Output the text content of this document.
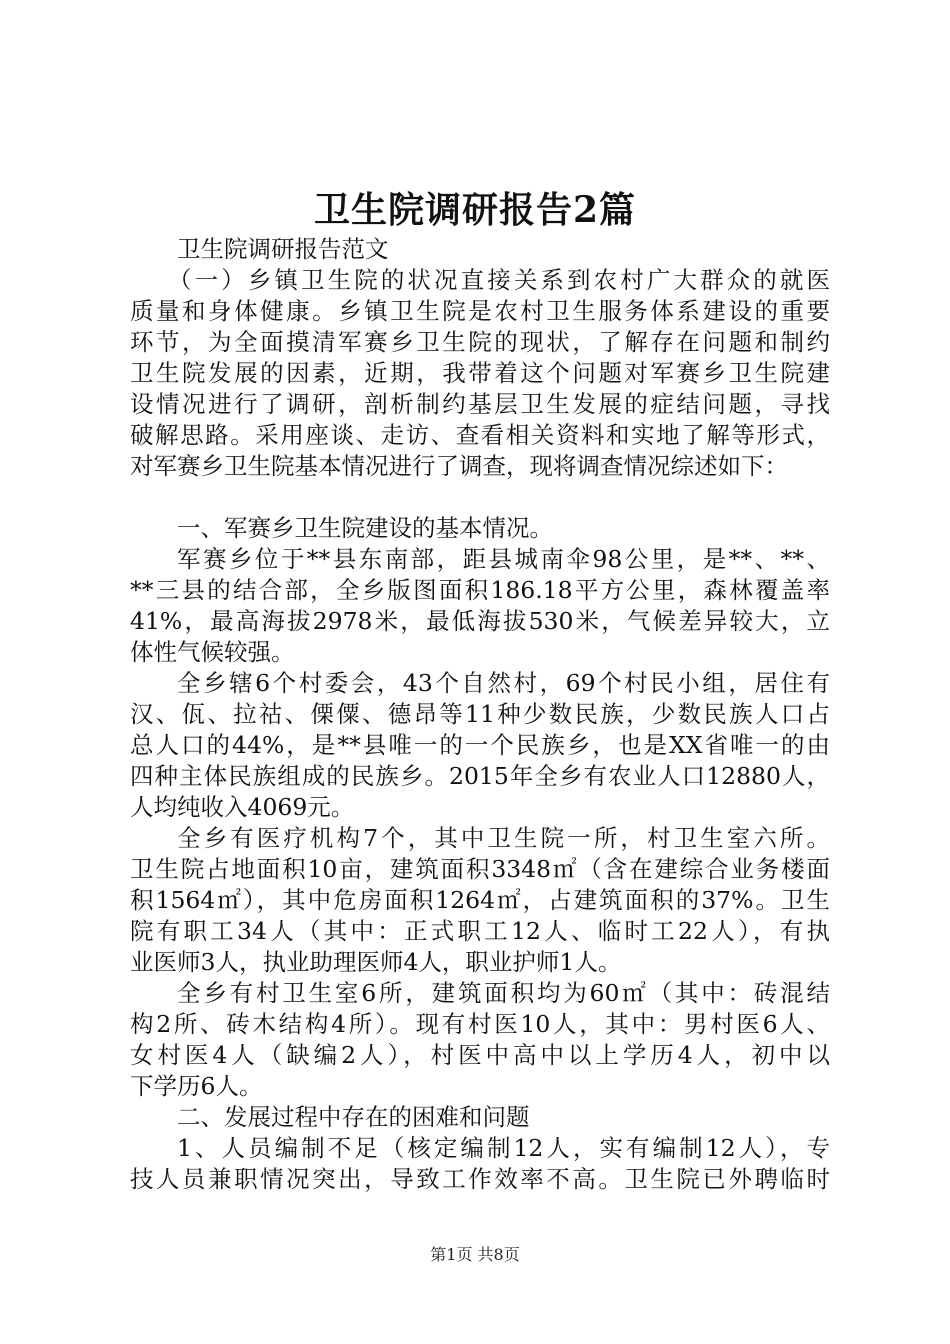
卫生院调研报告2篇
卫生院调研报告范文
（一）乡镇卫生院的状况直接关系到农村广大群众的就医
质量和身体健康。乡镇卫生院是农村卫生服务体系建设的重要
环节，为全面摸清军赛乡卫生院的现状，了解存在问题和制约
卫生院发展的因素，近期，我带着这个问题对军赛乡卫生院建
设情况进行了调研，剖析制约基层卫生发展的症结问题，寻找
破解思路。采用座谈、走访、查看相关资料和实地了解等形式，
对军赛乡卫生院基本情况进行了调查，现将调查情况综述如下：
一、军赛乡卫生院建设的基本情况。
军赛乡位于**县东南部，距县城南伞98公里，是**、**、
**三县的结合部，全乡版图面积186.18平方公里，森林覆盖率
41%，最高海拔2978米，最低海拔530米，气候差异较大，立
体性气候较强。
全乡辖6个村委会，43个自然村，69个村民小组，居住有
汉、佤、拉祜、傈僳、德昂等11种少数民族，少数民族人口占
总人口的44%，是**县唯一的一个民族乡，也是XX省唯一的由
四种主体民族组成的民族乡。2015年全乡有农业人口12880人，
人均纯收入4069元。
全乡有医疗机构7个，其中卫生院一所，村卫生室六所。
卫生院占地面积10亩，建筑面积3348㎡（含在建综合业务楼面
积1564㎡），其中危房面积1264㎡，占建筑面积的37%。卫生
院有职工34人（其中：正式职工12人、临时工22人），有执
业医师3人，执业助理医师4人，职业护师1人。
全乡有村卫生室6所，建筑面积均为60㎡（其中：砖混结
构2所、砖木结构4所）。现有村医10人，其中：男村医6人、
女村医4人（缺编2人），村医中高中以上学历4人，初中以
下学历6人。
二、发展过程中存在的困难和问题
1、人员编制不足（核定编制12人，实有编制12人），专
技人员兼职情况突出，导致工作效率不高。卫生院已外聘临时
第1页 共8页
